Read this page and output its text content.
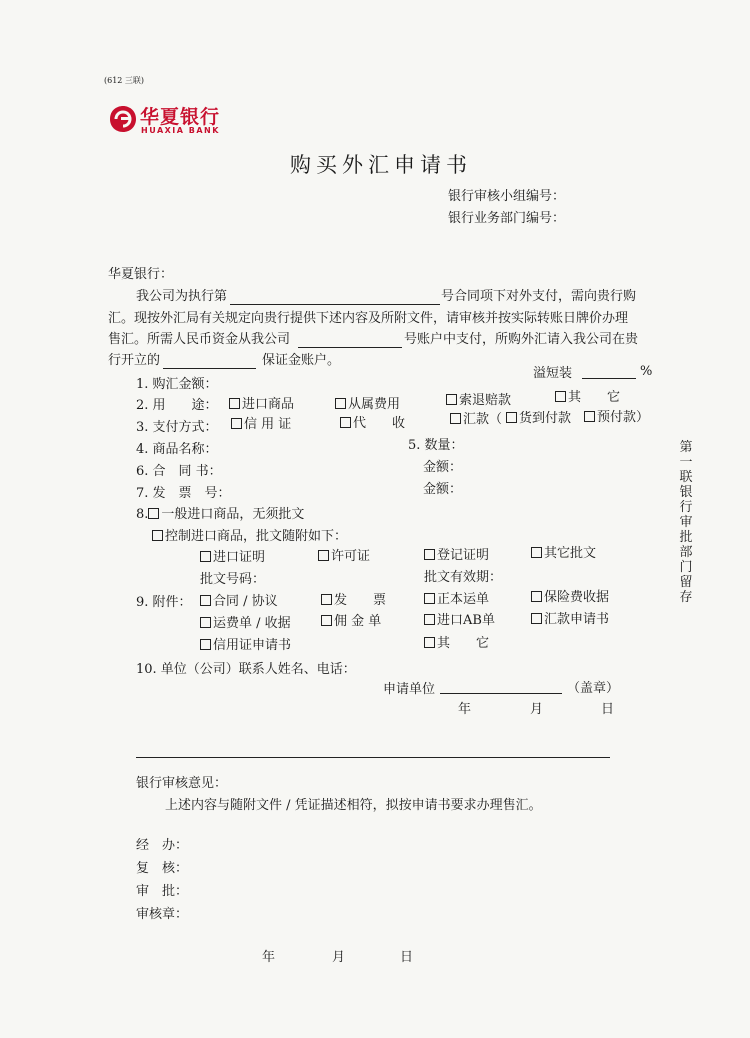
(612 三联)
华夏银行
HUAXIA BANK
购买外汇申请书
银行审核小组编号：
银行业务部门编号：
华夏银行：
我公司为执行第	号合同项下对外支付，需向贵行购
汇。现按外汇局有关规定向贵行提供下述内容及所附文件，请审核并按实际转账日牌价办理
售汇。所需人民币资金从我公司	号账户中支付，所购外汇请入我公司在贵
行开立的	保证金账户。
溢短装	%
1. 购汇金额：
2. 用　　途：	进口商品	从属费用	索退赔款	其　　它
3. 支付方式：	信 用 证	代　　收	汇款（	货到付款	预付款）
4. 商品名称：	5. 数量：
6. 合　同 书：	金额：
7. 发　票　号：	金额：
8. 一般进口商品，无须批文
控制进口商品，批文随附如下：
进口证明	许可证	登记证明	其它批文
批文号码：	批文有效期：
9. 附件：	合同 / 协议	发　　票	正本运单	保险费收据
运费单 / 收据	佣 金 单	进口AB单	汇款申请书
信用证申请书	其　　它
10. 单位（公司）联系人姓名、电话：
申请单位	（盖章）
年	月	日
银行审核意见：
上述内容与随附文件 / 凭证描述相符，拟按申请书要求办理售汇。
经　办：
复　核：
审　批：
审核章：
年	月	日
第一联　银行审批部门留存
